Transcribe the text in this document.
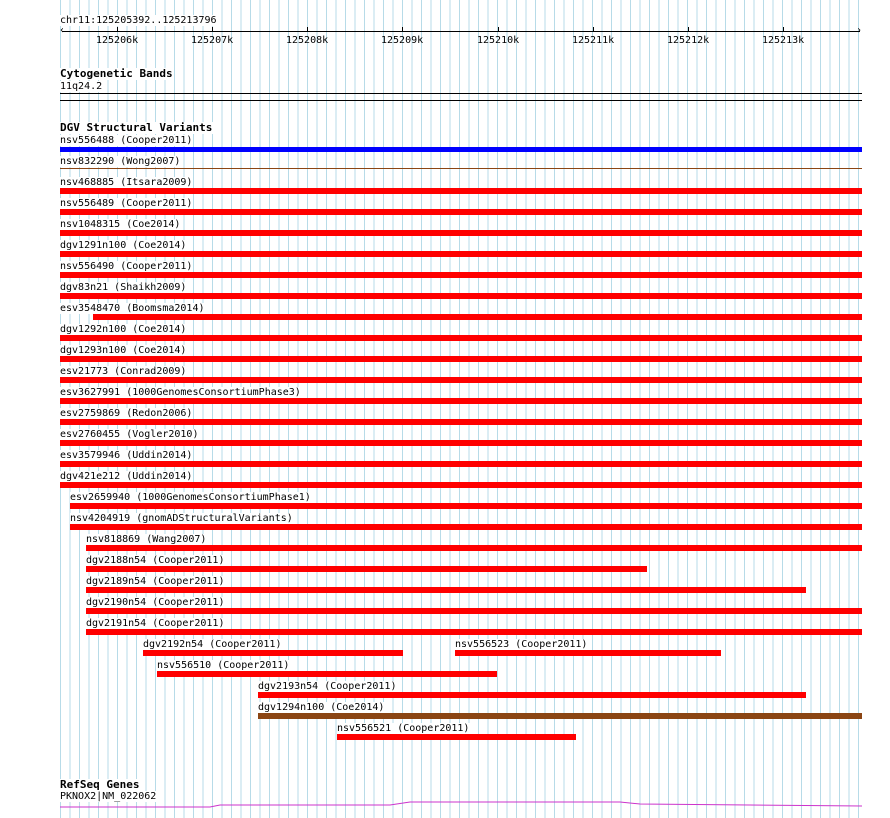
chr11:125205392..125213796
‹	›
125206k	125207k	125208k	125209k	125210k	125211k	125212k	125213k
Cytogenetic Bands
11q24.2
DGV Structural Variants
nsv556488 (Cooper2011)
nsv832290 (Wong2007)
nsv468885 (Itsara2009)
nsv556489 (Cooper2011)
nsv1048315 (Coe2014)
dgv1291n100 (Coe2014)
nsv556490 (Cooper2011)
dgv83n21 (Shaikh2009)
esv3548470 (Boomsma2014)
dgv1292n100 (Coe2014)
dgv1293n100 (Coe2014)
esv21773 (Conrad2009)
esv3627991 (1000GenomesConsortiumPhase3)
esv2759869 (Redon2006)
esv2760455 (Vogler2010)
esv3579946 (Uddin2014)
dgv421e212 (Uddin2014)
esv2659940 (1000GenomesConsortiumPhase1)
nsv4204919 (gnomADStructuralVariants)
nsv818869 (Wang2007)
dgv2188n54 (Cooper2011)
dgv2189n54 (Cooper2011)
dgv2190n54 (Cooper2011)
dgv2191n54 (Cooper2011)
dgv2192n54 (Cooper2011)	nsv556523 (Cooper2011)
nsv556510 (Cooper2011)
dgv2193n54 (Cooper2011)
dgv1294n100 (Coe2014)
nsv556521 (Cooper2011)
RefSeq Genes
PKNOX2|NM_022062
